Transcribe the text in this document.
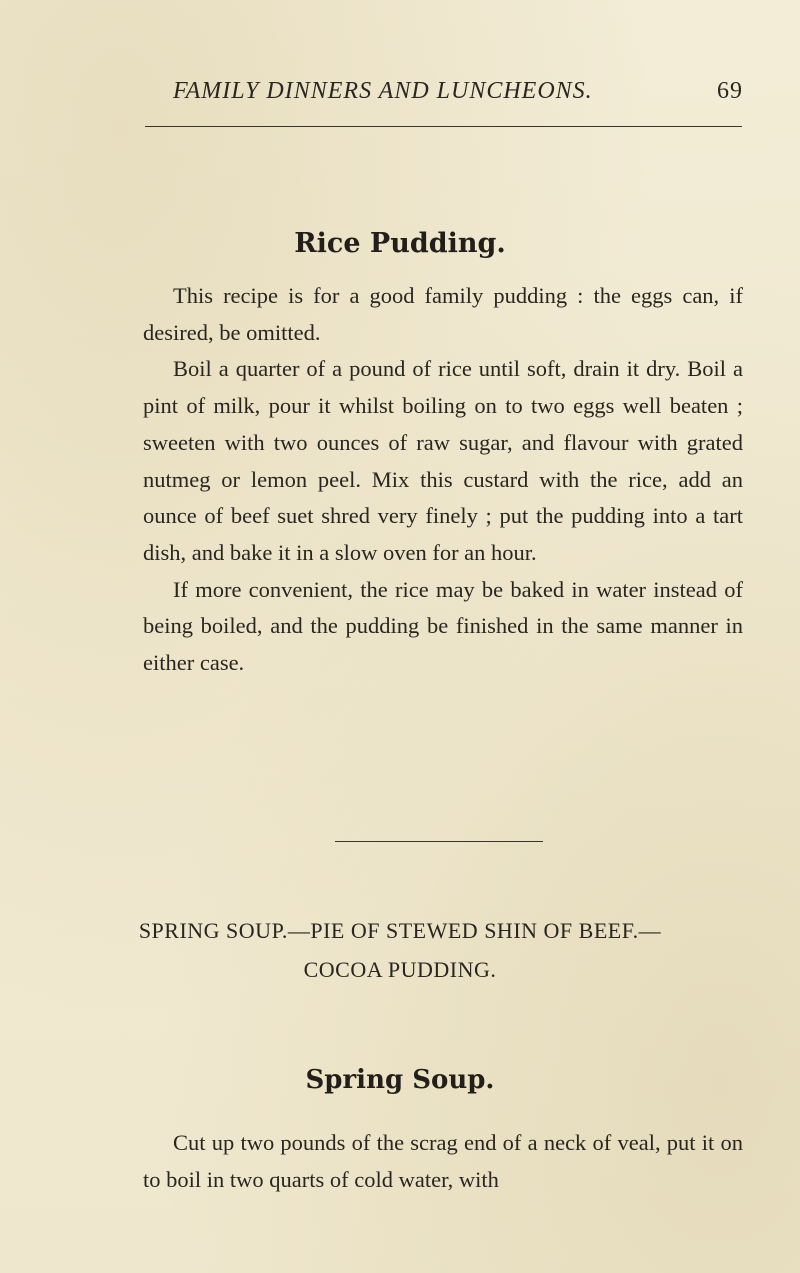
FAMILY DINNERS AND LUNCHEONS.	69
Rice Pudding.

This recipe is for a good family pudding : the eggs can, if desired, be omitted.

Boil a quarter of a pound of rice until soft, drain it dry. Boil a pint of milk, pour it whilst boiling on to two eggs well beaten ; sweeten with two ounces of raw sugar, and flavour with grated nutmeg or lemon peel. Mix this custard with the rice, add an ounce of beef suet shred very finely ; put the pudding into a tart dish, and bake it in a slow oven for an hour.

If more convenient, the rice may be baked in water instead of being boiled, and the pudding be finished in the same manner in either case.

SPRING SOUP.—PIE OF STEWED SHIN OF BEEF.—
COCOA PUDDING.
Spring Soup.

Cut up two pounds of the scrag end of a neck of veal, put it on to boil in two quarts of cold water, with
